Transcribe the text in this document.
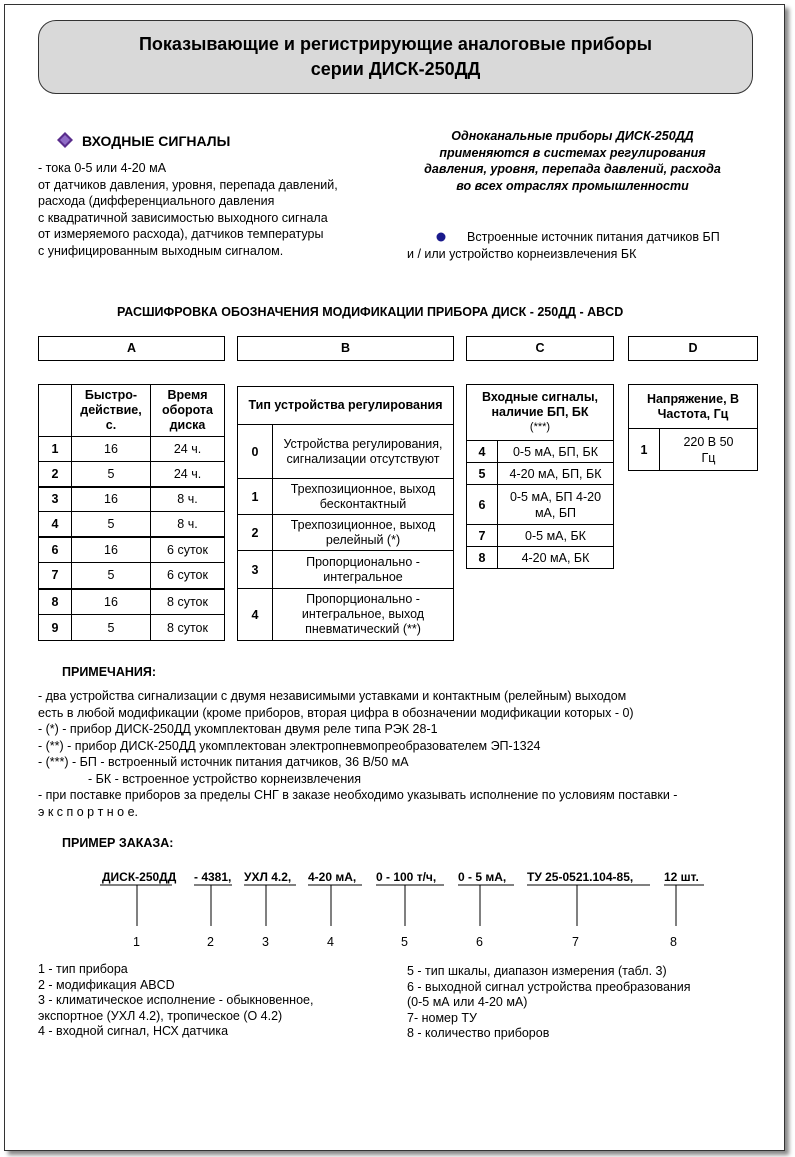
Показывающие и регистрирующие аналоговые приборы
серии ДИСК-250ДД
ВХОДНЫЕ СИГНАЛЫ
- тока 0-5 или 4-20 мА
от датчиков давления, уровня, перепада давлений,
расхода (дифференциального давления
с квадратичной зависимостью выходного сигнала
от измеряемого расхода), датчиков температуры
с унифицированным выходным сигналом.
Одноканальные приборы ДИСК-250ДД
применяются в системах регулирования
давления, уровня, перепада давлений, расхода
во всех отраслях промышленности
Встроенные источник питания датчиков БП
и / или устройство корнеизвлечения БК
РАСШИФРОВКА ОБОЗНАЧЕНИЯ МОДИФИКАЦИИ ПРИБОРА ДИСК - 250ДД - ABCD
A	B	C	D
	Быстро-действие, с.	Время оборота диска
1	16	24 ч.
2	5	24 ч.
3	16	8 ч.
4	5	8 ч.
6	16	6 суток
7	5	6 суток
8	16	8 суток
9	5	8 суток
Тип устройства регулирования	
0	Устройства регулирования, сигнализации отсутствуют
1	Трехпозиционное, выход бесконтактный
2	Трехпозиционное, выход релейный (*)
3	Пропорционально - интегральное
4	Пропорционально - интегральное, выход пневматический (**)
Входные сигналы, наличие БП, БК
(***)	

4	0-5 мА, БП, БК
5	4-20 мА, БП, БК
6	0-5 мА, БП 4-20 мА, БП
7	0-5 мА, БК
8	4-20 мА, БК
Напряжение, В Частота, Гц
1	220 В 50 Гц
ПРИМЕЧАНИЯ:
- два устройства сигнализации с двумя независимыми уставками и контактным (релейным) выходом
есть в любой модификации (кроме приборов, вторая цифра в обозначении модификации которых - 0)
- (*) - прибор ДИСК-250ДД укомплектован двумя реле типа РЭК 28-1
- (**) - прибор ДИСК-250ДД укомплектован электропневмопреобразователем ЭП-1324
- (***) - БП - встроенный источник питания датчиков, 36 В/50 мА
- БК - встроенное устройство корнеизвлечения
- при поставке приборов за пределы СНГ в заказе необходимо указывать исполнение по условиям поставки -
э к с п о р т н о е.
ПРИМЕР ЗАКАЗА:
ДИСК-250ДД - 4381, УХЛ 4.2, 4-20 мА, 0 - 100 т/ч, 0 - 5 мА, ТУ 25-0521.104-85,	12 шт.
1	2	3	4	5	6	7	8
1 - тип прибора
2 - модификация ABCD
3 - климатическое исполнение - обыкновенное,
экспортное (УХЛ 4.2), тропическое (О 4.2)
4 - входной сигнал, НСХ датчика
5 - тип шкалы, диапазон измерения (табл. 3)
6 - выходной сигнал устройства преобразования
(0-5 мА или 4-20 мА)
7- номер ТУ
8 - количество приборов
